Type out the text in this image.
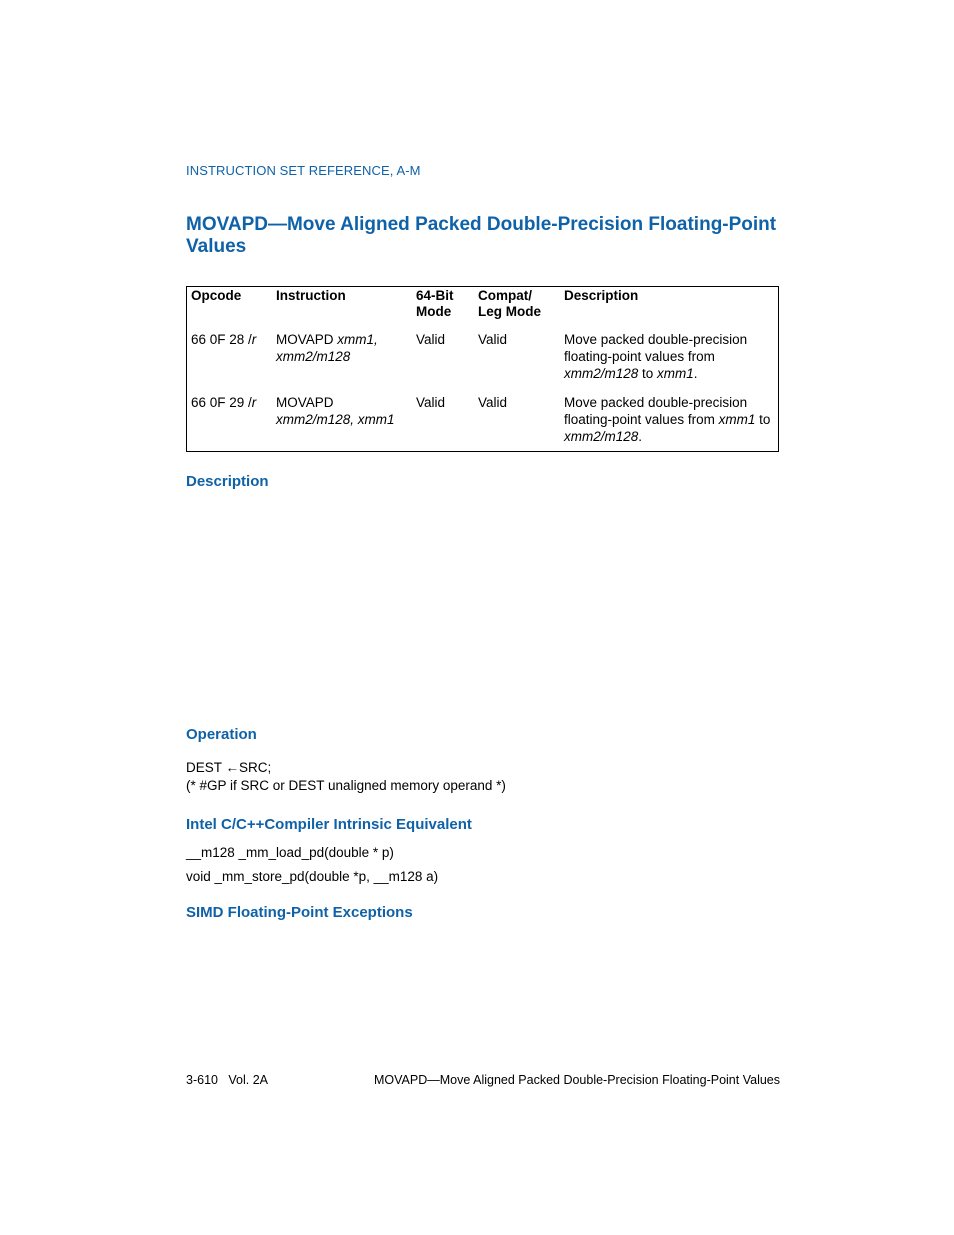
INSTRUCTION SET REFERENCE, A-M
MOVAPD—Move Aligned Packed Double-Precision Floating-Point Values
Opcode	Instruction	64-Bit Mode	Compat/ Leg Mode	Description
66 0F 28 /r	MOVAPD xmm1, xmm2/m128	Valid	Valid	Move packed double-precision floating-point values from xmm2/m128 to xmm1.
66 0F 29 /r	MOVAPD xmm2/m128, xmm1	Valid	Valid	Move packed double-precision floating-point values from xmm1 to xmm2/m128.
Description
Operation
DEST ←SRC;
(* #GP if SRC or DEST unaligned memory operand *)
Intel C/C++Compiler Intrinsic Equivalent
__m128 _mm_load_pd(double * p)
void _mm_store_pd(double *p, __m128 a)
SIMD Floating-Point Exceptions
3-610   Vol. 2A	MOVAPD—Move Aligned Packed Double-Precision Floating-Point Values
